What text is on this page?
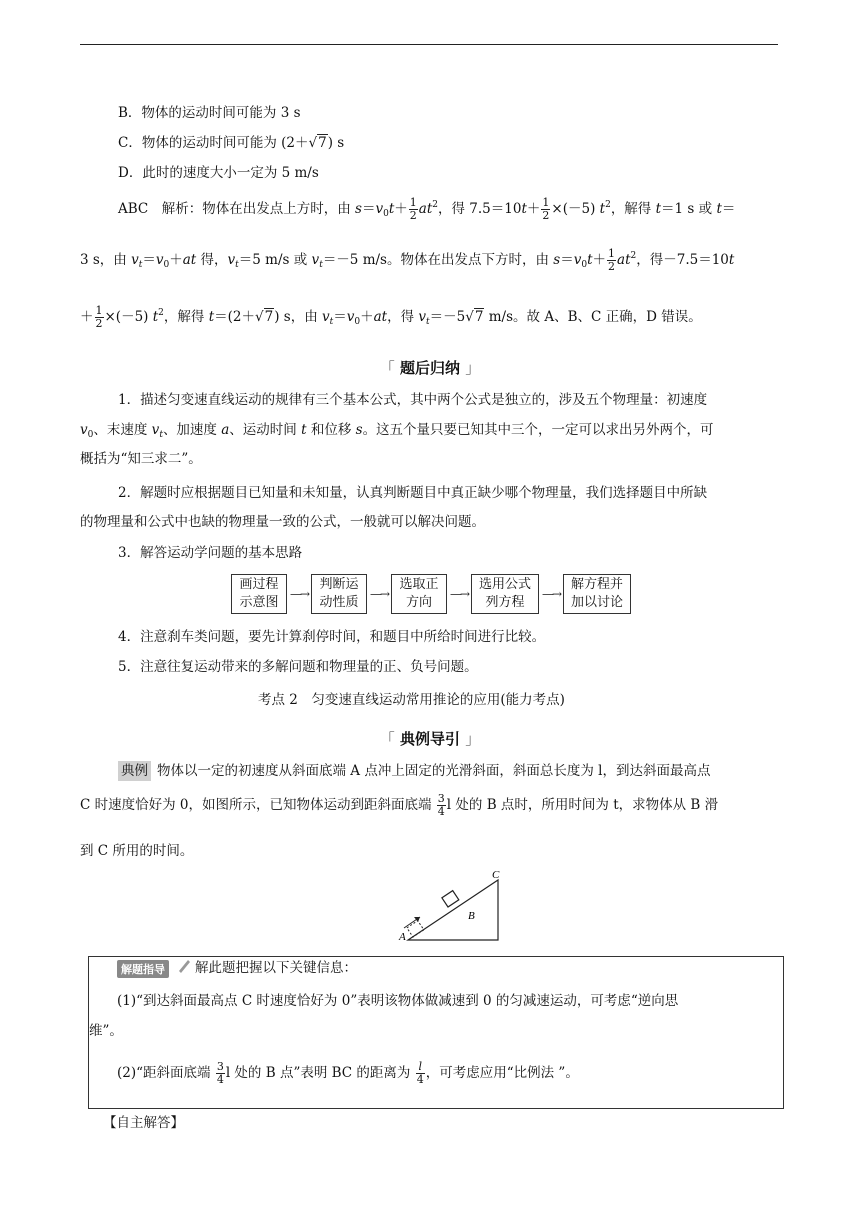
B．物体的运动时间可能为 3 s
C．物体的运动时间可能为 (2＋√7) s
D．此时的速度大小一定为 5 m/s
ABC　解析：物体在出发点上方时，由 $s=v_0t+ \frac{1}{2} at^2$，得 $7.5=10t+ \frac{1}{2} \times(-5)$ $t^2$，解得 t＝1 s 或 t＝
3 s，由 $v_t=v_0+at$ 得，$v_t=5$ m/s 或 $v_t=-5$ m/s。物体在出发点下方时，由 $s=v_0t+ \frac{1}{2} at^2$，得－7.5＝10t
＋ $\frac{1}{2} \times(-5)$ $t^2$，解得 t＝(2＋√7) s，由 $v_t=v_0+at$，得 $v_t=-5√7$ m/s。故 A、B、C 正确，D 错误。
「 题后归纳 」
1．描述匀变速直线运动的规律有三个基本公式，其中两个公式是独立的，涉及五个物理量：初速度
$v_0$、末速度 $v_t$、加速度 a、运动时间 t 和位移 s。这五个量只要已知其中三个，一定可以求出另外两个，可
概括为“知三求二”。
2．解题时应根据题目已知量和未知量，认真判断题目中真正缺少哪个物理量，我们选择题目中所缺
的物理量和公式中也缺的物理量一致的公式，一般就可以解决问题。
3．解答运动学问题的基本思路
画过程
示意图
—→
判断运
动性质
—→
选取正
方向
—→
选用公式
列方程
—→
解方程并
加以讨论
4．注意刹车类问题，要先计算刹停时间，和题目中所给时间进行比较。
5．注意往复运动带来的多解问题和物理量的正、负号问题。
考点 2　匀变速直线运动常用推论的应用(能力考点)
「 典例导引 」
典例 物体以一定的初速度从斜面底端 A 点冲上固定的光滑斜面，斜面总长度为 l，到达斜面最高点
C 时速度恰好为 0，如图所示，已知物体运动到距斜面底端 $\frac{3}{4}$ l 处的 B 点时，所用时间为 t，求物体从 B 滑
到 C 所用的时间。
A
B
C
解题指导 解此题把握以下关键信息：
(1)“到达斜面最高点 C 时速度恰好为 0”表明该物体做减速到 0 的匀减速运动，可考虑“逆向思
维”。
(2)“距斜面底端 $\frac{3}{4}$ l 处的 B 点”表明 BC 的距离为 $\frac{l}{4}$ ，可考虑应用“比例法 ”。
【自主解答】
